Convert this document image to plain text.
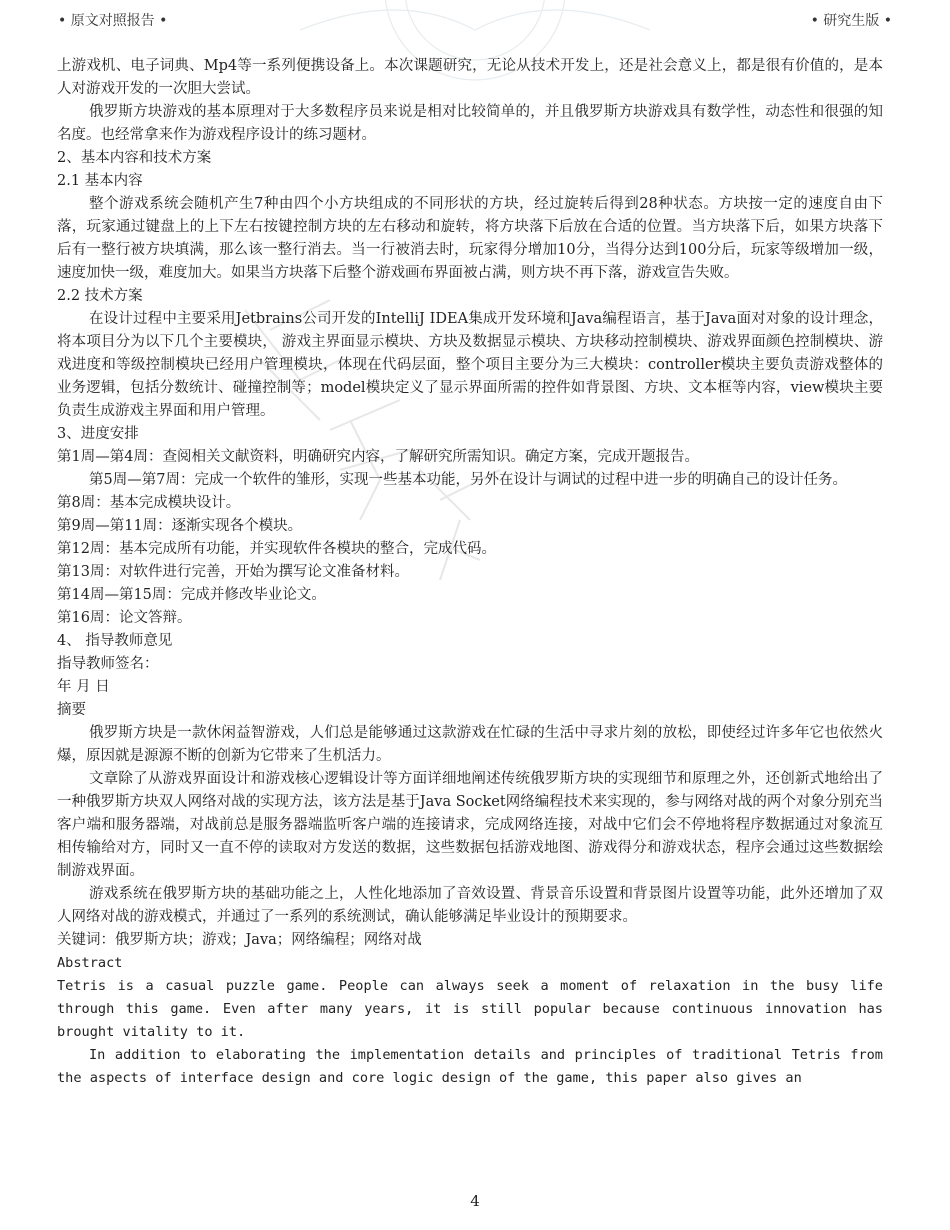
• 原文对照报告 •	• 研究生版 •

上游戏机、电子词典、Mp4等一系列便携设备上。本次课题研究，无论从技术开发上，还是社会意义上，都是很有价值的，是本人对游戏开发的一次胆大尝试。

俄罗斯方块游戏的基本原理对于大多数程序员来说是相对比较简单的，并且俄罗斯方块游戏具有数学性，动态性和很强的知名度。也经常拿来作为游戏程序设计的练习题材。

2、基本内容和技术方案

2.1 基本内容

整个游戏系统会随机产生7种由四个小方块组成的不同形状的方块，经过旋转后得到28种状态。方块按一定的速度自由下落，玩家通过键盘上的上下左右按键控制方块的左右移动和旋转，将方块落下后放在合适的位置。当方块落下后，如果方块落下后有一整行被方块填满，那么该一整行消去。当一行被消去时，玩家得分增加10分，当得分达到100分后，玩家等级增加一级，速度加快一级，难度加大。如果当方块落下后整个游戏画布界面被占满，则方块不再下落，游戏宣告失败。

2.2 技术方案

在设计过程中主要采用Jetbrains公司开发的IntelliJ IDEA集成开发环境和Java编程语言，基于Java面对对象的设计理念，将本项目分为以下几个主要模块， 游戏主界面显示模块、方块及数据显示模块、方块移动控制模块、游戏界面颜色控制模块、游戏进度和等级控制模块已经用户管理模块，体现在代码层面，整个项目主要分为三大模块：controller模块主要负责游戏整体的业务逻辑，包括分数统计、碰撞控制等；model模块定义了显示界面所需的控件如背景图、方块、文本框等内容，view模块主要负责生成游戏主界面和用户管理。

3、进度安排

第1周—第4周：查阅相关文献资料，明确研究内容，了解研究所需知识。确定方案，完成开题报告。

第5周—第7周：完成一个软件的雏形，实现一些基本功能，另外在设计与调试的过程中进一步的明确自己的设计任务。

第8周：基本完成模块设计。

第9周—第11周：逐渐实现各个模块。

第12周：基本完成所有功能，并实现软件各模块的整合，完成代码。

第13周：对软件进行完善，开始为撰写论文准备材料。

第14周—第15周：完成并修改毕业论文。

第16周：论文答辩。

4、 指导教师意见

指导教师签名：

年 月 日

摘要

俄罗斯方块是一款休闲益智游戏，人们总是能够通过这款游戏在忙碌的生活中寻求片刻的放松，即使经过许多年它也依然火爆，原因就是源源不断的创新为它带来了生机活力。

文章除了从游戏界面设计和游戏核心逻辑设计等方面详细地阐述传统俄罗斯方块的实现细节和原理之外，还创新式地给出了一种俄罗斯方块双人网络对战的实现方法，该方法是基于Java Socket网络编程技术来实现的，参与网络对战的两个对象分别充当客户端和服务器端，对战前总是服务器端监听客户端的连接请求，完成网络连接，对战中它们会不停地将程序数据通过对象流互相传输给对方，同时又一直不停的读取对方发送的数据，这些数据包括游戏地图、游戏得分和游戏状态，程序会通过这些数据绘制游戏界面。

游戏系统在俄罗斯方块的基础功能之上，人性化地添加了音效设置、背景音乐设置和背景图片设置等功能，此外还增加了双人网络对战的游戏模式，并通过了一系列的系统测试，确认能够满足毕业设计的预期要求。

关键词：俄罗斯方块；游戏；Java；网络编程；网络对战

Abstract

Tetris is a casual puzzle game. People can always seek a moment of relaxation in the busy life through this game. Even after many years, it is still popular because continuous innovation has brought vitality to it.

In addition to elaborating the implementation details and principles of traditional Tetris from the aspects of interface design and core logic design of the game, this paper also gives an

4
